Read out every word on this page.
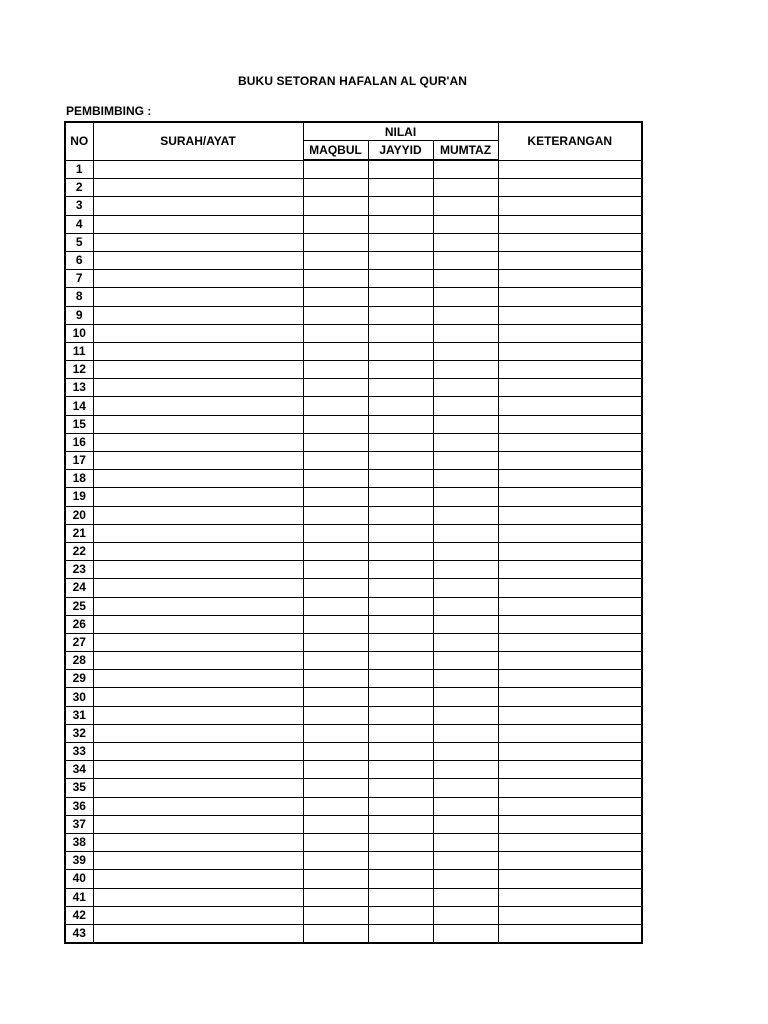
BUKU SETORAN HAFALAN AL QUR'AN
PEMBIMBING :
NO	SURAH/AYAT	NILAI			KETERANGAN
		MAQBUL	JAYYID	MUMTAZ	
1					
2					
3					
4					
5					
6					
7					
8					
9					
10					
11					
12					
13					
14					
15					
16					
17					
18					
19					
20					
21					
22					
23					
24					
25					
26					
27					
28					
29					
30					
31					
32					
33					
34					
35					
36					
37					
38					
39					
40					
41					
42					
43					
